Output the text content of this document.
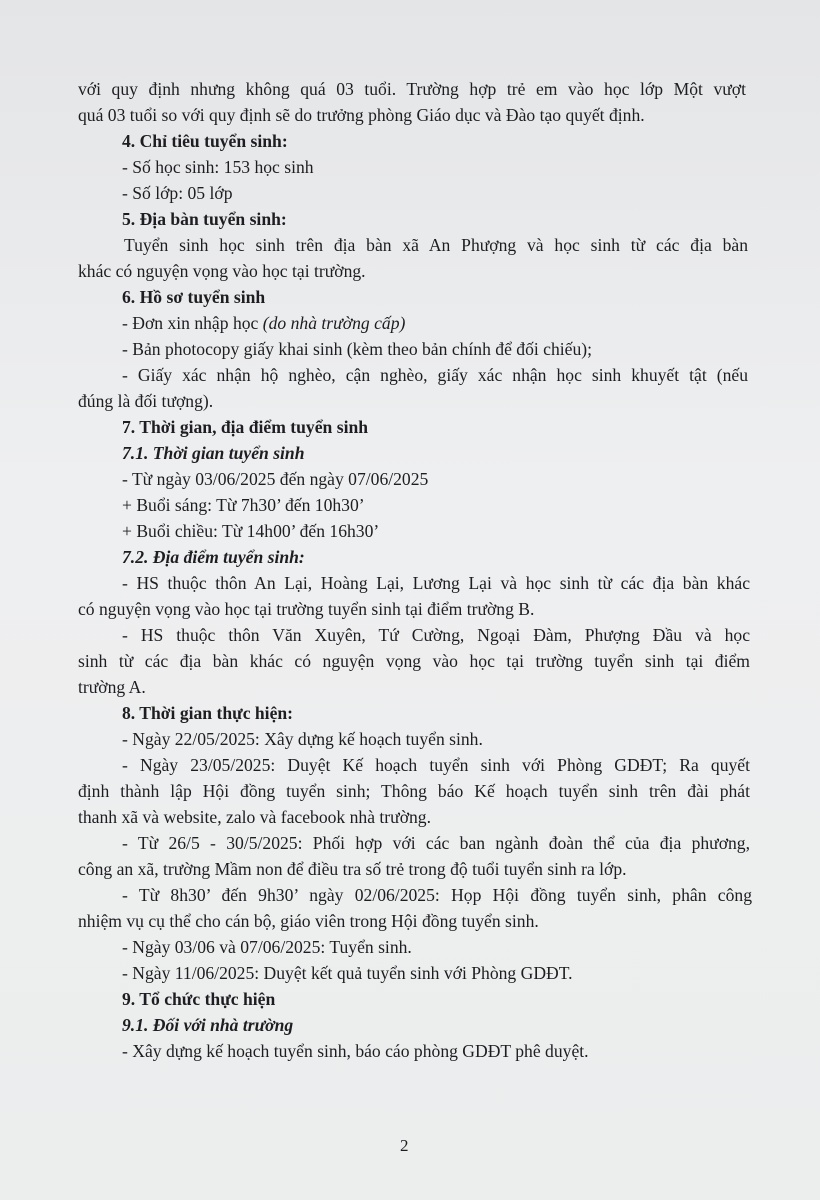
với quy định nhưng không quá 03 tuổi. Trường hợp trẻ em vào học lớp Một vượt
quá 03 tuổi so với quy định sẽ do trưởng phòng Giáo dục và Đào tạo quyết định.
4. Chỉ tiêu tuyển sinh:
- Số học sinh: 153 học sinh
- Số lớp: 05 lớp
5. Địa bàn tuyển sinh:
Tuyển sinh học sinh trên địa bàn xã An Phượng và học sinh từ các địa bàn
khác có nguyện vọng vào học tại trường.
6. Hồ sơ tuyển sinh
- Đơn xin nhập học (do nhà trường cấp)
- Bản photocopy giấy khai sinh (kèm theo bản chính để đối chiếu);
- Giấy xác nhận hộ nghèo, cận nghèo, giấy xác nhận học sinh khuyết tật (nếu
đúng là đối tượng).
7. Thời gian, địa điểm tuyển sinh
7.1. Thời gian tuyển sinh
- Từ ngày 03/06/2025 đến ngày 07/06/2025
+ Buổi sáng: Từ 7h30’ đến 10h30’
+ Buổi chiều: Từ 14h00’ đến 16h30’
7.2. Địa điểm tuyển sinh:
- HS thuộc thôn An Lại, Hoàng Lại, Lương Lại và học sinh từ các địa bàn khác
có nguyện vọng vào học tại trường tuyển sinh tại điểm trường B.
- HS thuộc thôn Văn Xuyên, Tứ Cường, Ngoại Đàm, Phượng Đầu và học
sinh từ các địa bàn khác có nguyện vọng vào học tại trường tuyển sinh tại điểm
trường A.
8. Thời gian thực hiện:
- Ngày 22/05/2025: Xây dựng kế hoạch tuyển sinh.
- Ngày 23/05/2025: Duyệt Kế hoạch tuyển sinh với Phòng GDĐT; Ra quyết
định thành lập Hội đồng tuyển sinh; Thông báo Kế hoạch tuyển sinh trên đài phát
thanh xã và website, zalo và facebook nhà trường.
- Từ 26/5 - 30/5/2025: Phối hợp với các ban ngành đoàn thể của địa phương,
công an xã, trường Mầm non để điều tra số trẻ trong độ tuổi tuyển sinh ra lớp.
- Từ 8h30’ đến 9h30’ ngày 02/06/2025: Họp Hội đồng tuyển sinh, phân công
nhiệm vụ cụ thể cho cán bộ, giáo viên trong Hội đồng tuyển sinh.
- Ngày 03/06 và 07/06/2025: Tuyển sinh.
- Ngày 11/06/2025: Duyệt kết quả tuyển sinh với Phòng GDĐT.
9. Tổ chức thực hiện
9.1. Đối với nhà trường
- Xây dựng kế hoạch tuyển sinh, báo cáo phòng GDĐT phê duyệt.
2
